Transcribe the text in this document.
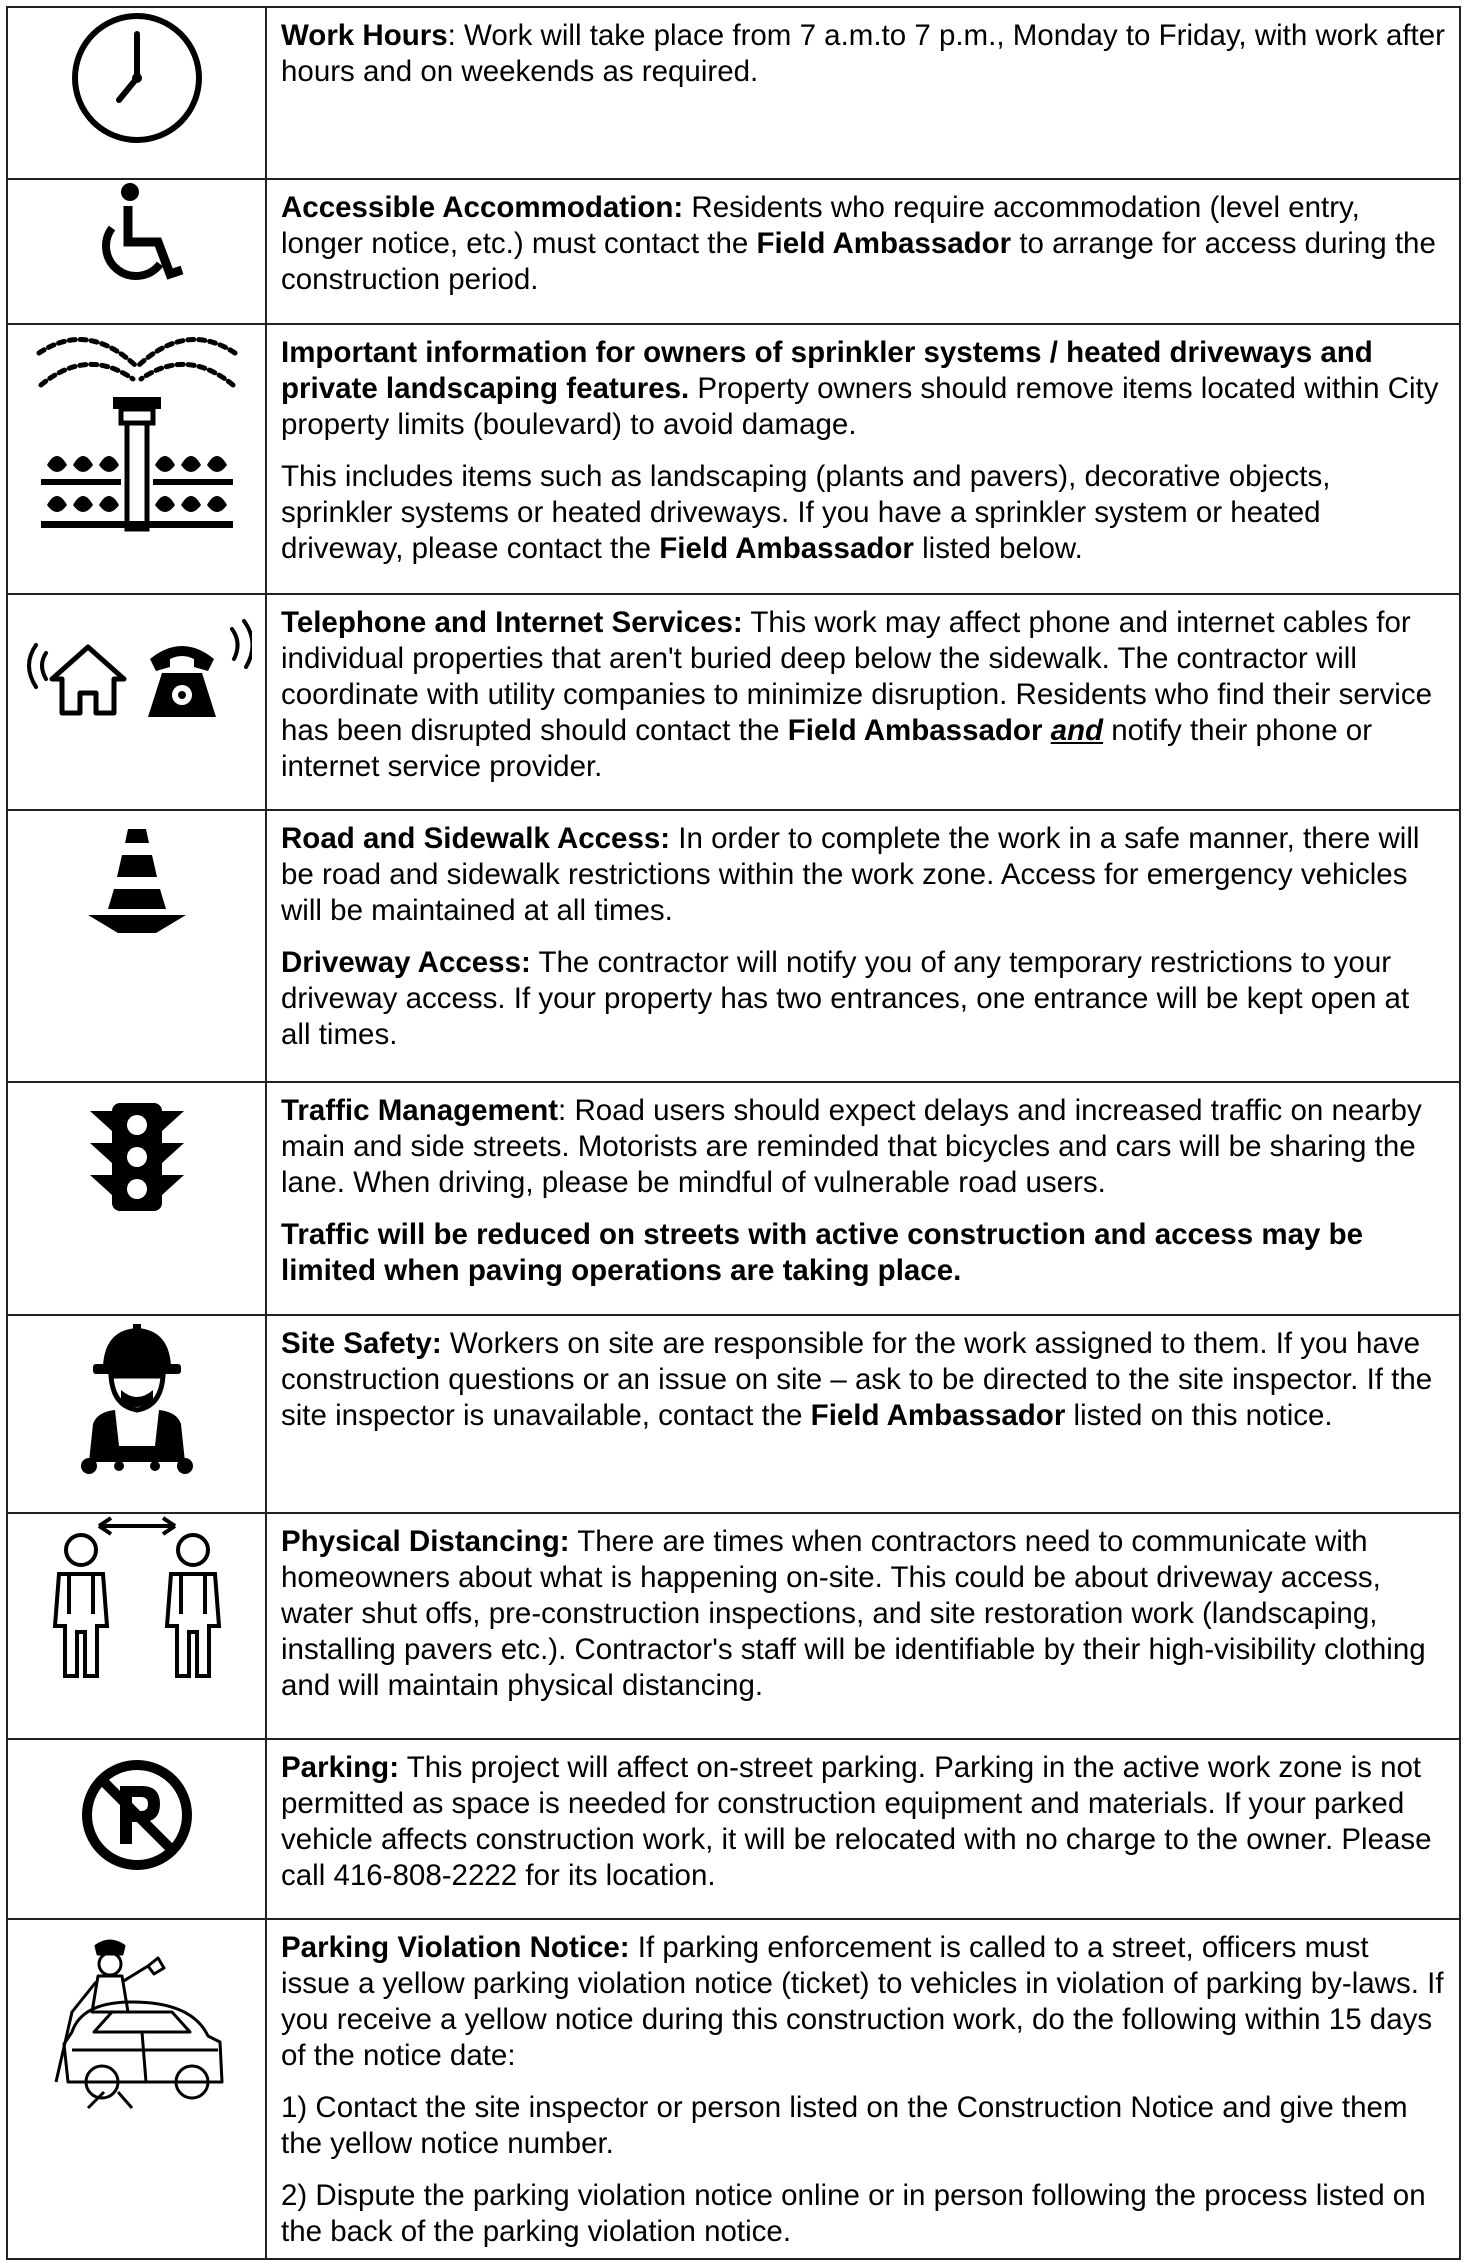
Work Hours: Work will take place from 7 a.m.to 7 p.m., Monday to Friday, with work after hours and on weekends as required.

Accessible Accommodation: Residents who require accommodation (level entry, longer notice, etc.) must contact the Field Ambassador to arrange for access during the construction period.

Important information for owners of sprinkler systems / heated driveways and private landscaping features. Property owners should remove items located within City property limits (boulevard) to avoid damage.

This includes items such as landscaping (plants and pavers), decorative objects, sprinkler systems or heated driveways. If you have a sprinkler system or heated driveway, please contact the Field Ambassador listed below.

Telephone and Internet Services: This work may affect phone and internet cables for individual properties that aren't buried deep below the sidewalk. The contractor will coordinate with utility companies to minimize disruption. Residents who find their service has been disrupted should contact the Field Ambassador and notify their phone or internet service provider.

Road and Sidewalk Access: In order to complete the work in a safe manner, there will be road and sidewalk restrictions within the work zone. Access for emergency vehicles will be maintained at all times.

Driveway Access: The contractor will notify you of any temporary restrictions to your driveway access. If your property has two entrances, one entrance will be kept open at all times.

Traffic Management: Road users should expect delays and increased traffic on nearby main and side streets. Motorists are reminded that bicycles and cars will be sharing the lane. When driving, please be mindful of vulnerable road users.

Traffic will be reduced on streets with active construction and access may be limited when paving operations are taking place.

Site Safety: Workers on site are responsible for the work assigned to them. If you have construction questions or an issue on site – ask to be directed to the site inspector. If the site inspector is unavailable, contact the Field Ambassador listed on this notice.

Physical Distancing: There are times when contractors need to communicate with homeowners about what is happening on-site. This could be about driveway access, water shut offs, pre-construction inspections, and site restoration work (landscaping, installing pavers etc.). Contractor's staff will be identifiable by their high-visibility clothing and will maintain physical distancing.

Parking: This project will affect on-street parking. Parking in the active work zone is not permitted as space is needed for construction equipment and materials. If your parked vehicle affects construction work, it will be relocated with no charge to the owner. Please call 416-808-2222 for its location.

Parking Violation Notice: If parking enforcement is called to a street, officers must issue a yellow parking violation notice (ticket) to vehicles in violation of parking by-laws. If you receive a yellow notice during this construction work, do the following within 15 days of the notice date:

1) Contact the site inspector or person listed on the Construction Notice and give them the yellow notice number.

2) Dispute the parking violation notice online or in person following the process listed on the back of the parking violation notice.
